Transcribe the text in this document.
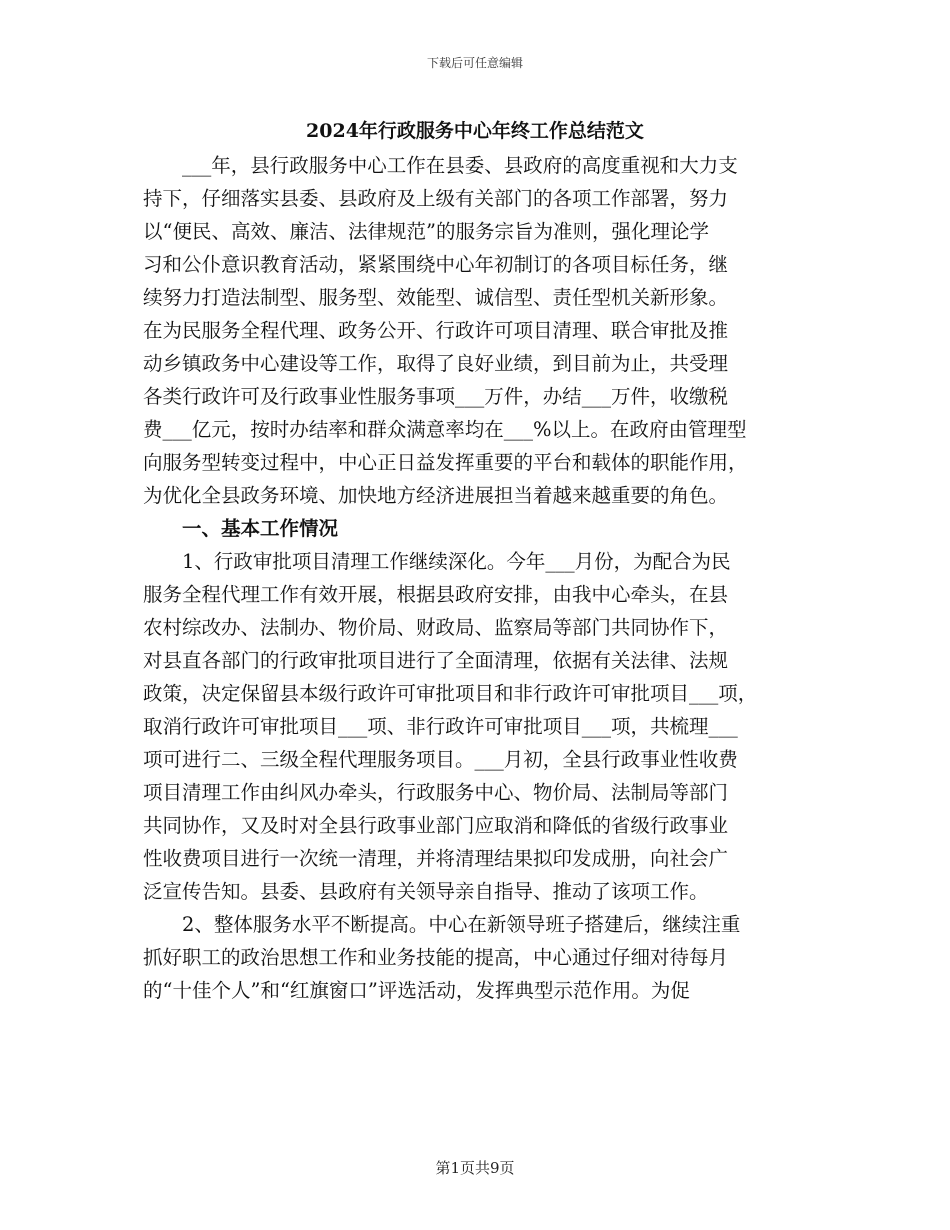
下载后可任意编辑
2024年行政服务中心年终工作总结范文
　　___年，县行政服务中心工作在县委、县政府的高度重视和大力支
持下，仔细落实县委、县政府及上级有关部门的各项工作部署，努力
以“便民、高效、廉洁、法律规范”的服务宗旨为准则，强化理论学
习和公仆意识教育活动，紧紧围绕中心年初制订的各项目标任务，继
续努力打造法制型、服务型、效能型、诚信型、责任型机关新形象。
在为民服务全程代理、政务公开、行政许可项目清理、联合审批及推
动乡镇政务中心建设等工作，取得了良好业绩，到目前为止，共受理
各类行政许可及行政事业性服务事项___万件，办结___万件，收缴税
费___亿元，按时办结率和群众满意率均在___%以上。在政府由管理型
向服务型转变过程中，中心正日益发挥重要的平台和载体的职能作用，
为优化全县政务环境、加快地方经济进展担当着越来越重要的角色。
　　一、基本工作情况
　　1、行政审批项目清理工作继续深化。今年___月份，为配合为民
服务全程代理工作有效开展，根据县政府安排，由我中心牵头，在县
农村综改办、法制办、物价局、财政局、监察局等部门共同协作下，
对县直各部门的行政审批项目进行了全面清理，依据有关法律、法规
政策，决定保留县本级行政许可审批项目和非行政许可审批项目___项，
取消行政许可审批项目___项、非行政许可审批项目___项，共梳理___
项可进行二、三级全程代理服务项目。___月初，全县行政事业性收费
项目清理工作由纠风办牵头，行政服务中心、物价局、法制局等部门
共同协作，又及时对全县行政事业部门应取消和降低的省级行政事业
性收费项目进行一次统一清理，并将清理结果拟印发成册，向社会广
泛宣传告知。县委、县政府有关领导亲自指导、推动了该项工作。
　　2、整体服务水平不断提高。中心在新领导班子搭建后，继续注重
抓好职工的政治思想工作和业务技能的提高，中心通过仔细对待每月
的“十佳个人”和“红旗窗口”评选活动，发挥典型示范作用。为促
第1页共9页
